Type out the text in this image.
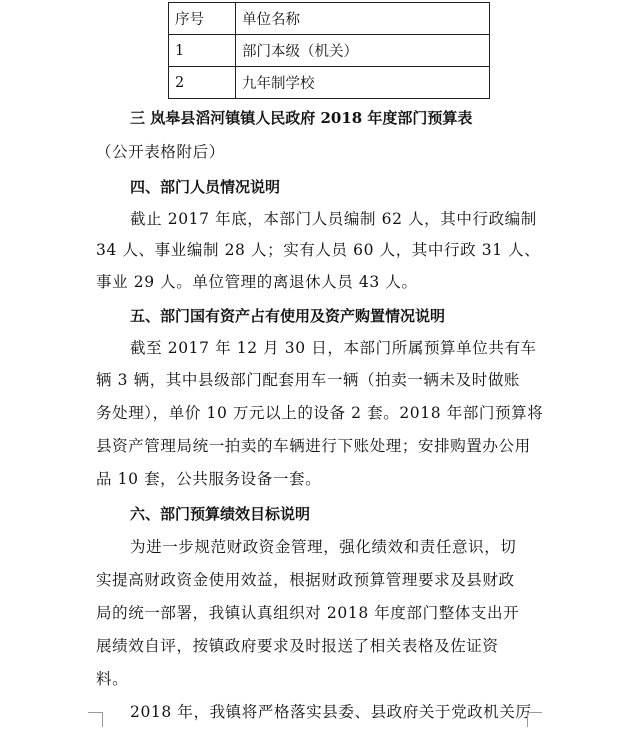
序号	单位名称
1	部门本级（机关）
2	九年制学校
三 岚皋县滔河镇镇人民政府 2018 年度部门预算表
（公开表格附后）
四、部门人员情况说明
截止 2017 年底，本部门人员编制 62 人，其中行政编制
34 人、事业编制 28 人；实有人员 60 人，其中行政 31 人、
事业 29 人。单位管理的离退休人员 43 人。
五、部门国有资产占有使用及资产购置情况说明
截至 2017 年 12 月 30 日，本部门所属预算单位共有车
辆 3 辆，其中县级部门配套用车一辆（拍卖一辆未及时做账
务处理），单价 10 万元以上的设备 2 套。2018 年部门预算将
县资产管理局统一拍卖的车辆进行下账处理；安排购置办公用
品 10 套，公共服务设备一套。
六、部门预算绩效目标说明
为进一步规范财政资金管理，强化绩效和责任意识，切
实提高财政资金使用效益，根据财政预算管理要求及县财政
局的统一部署，我镇认真组织对 2018 年度部门整体支出开
展绩效自评，按镇政府要求及时报送了相关表格及佐证资
料。
2018 年，我镇将严格落实县委、县政府关于党政机关厉
